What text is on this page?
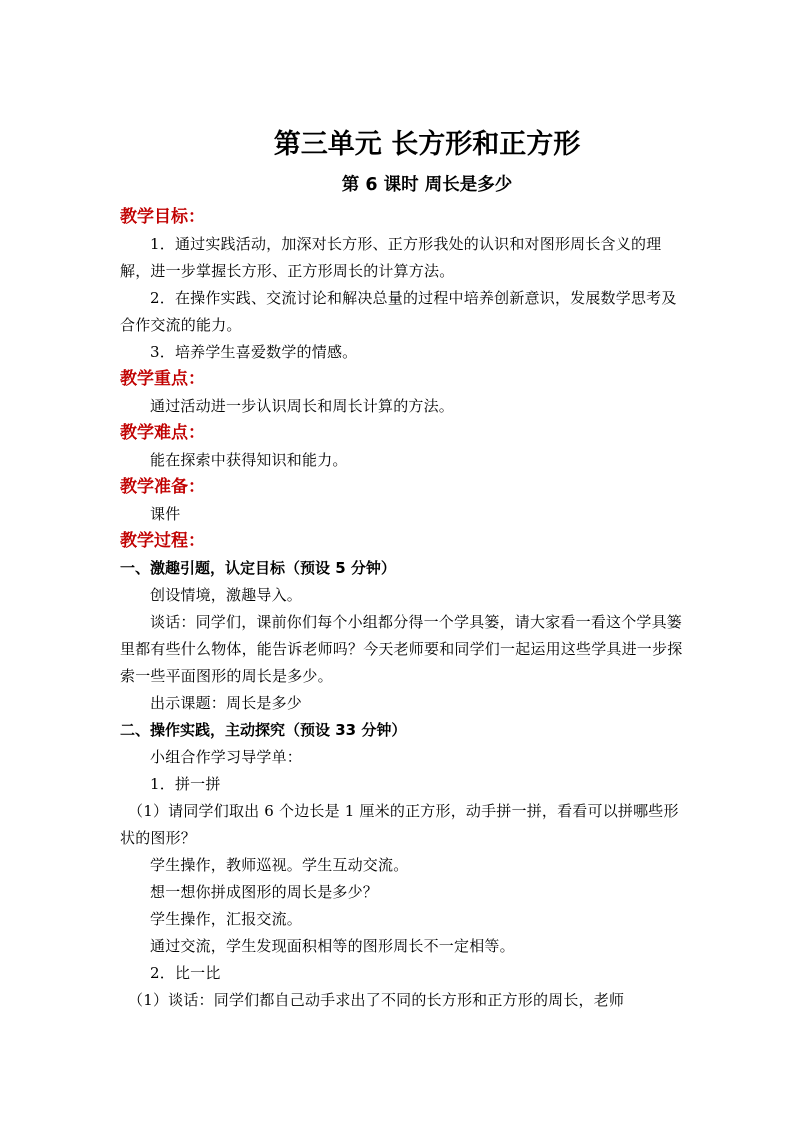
第三单元 长方形和正方形
第 6 课时 周长是多少

教学目标：

1．通过实践活动，加深对长方形、正方形我处的认识和对图形周长含义的理解，进一步掌握长方形、正方形周长的计算方法。

2．在操作实践、交流讨论和解决总量的过程中培养创新意识，发展数学思考及合作交流的能力。

3．培养学生喜爱数学的情感。

教学重点：

通过活动进一步认识周长和周长计算的方法。

教学难点：

能在探索中获得知识和能力。

教学准备：

课件

教学过程：

一、激趣引题，认定目标（预设 5 分钟）

创设情境，激趣导入。

谈话：同学们，课前你们每个小组都分得一个学具篓，请大家看一看这个学具篓里都有些什么物体，能告诉老师吗？今天老师要和同学们一起运用这些学具进一步探索一些平面图形的周长是多少。

出示课题：周长是多少

二、操作实践，主动探究（预设 33 分钟）

小组合作学习导学单：

1．拼一拼

（1）请同学们取出 6 个边长是 1 厘米的正方形，动手拼一拼，看看可以拼哪些形状的图形？

学生操作，教师巡视。学生互动交流。

想一想你拼成图形的周长是多少？

学生操作，汇报交流。

通过交流，学生发现面积相等的图形周长不一定相等。

2．比一比

（1）谈话：同学们都自己动手求出了不同的长方形和正方形的周长，老师
